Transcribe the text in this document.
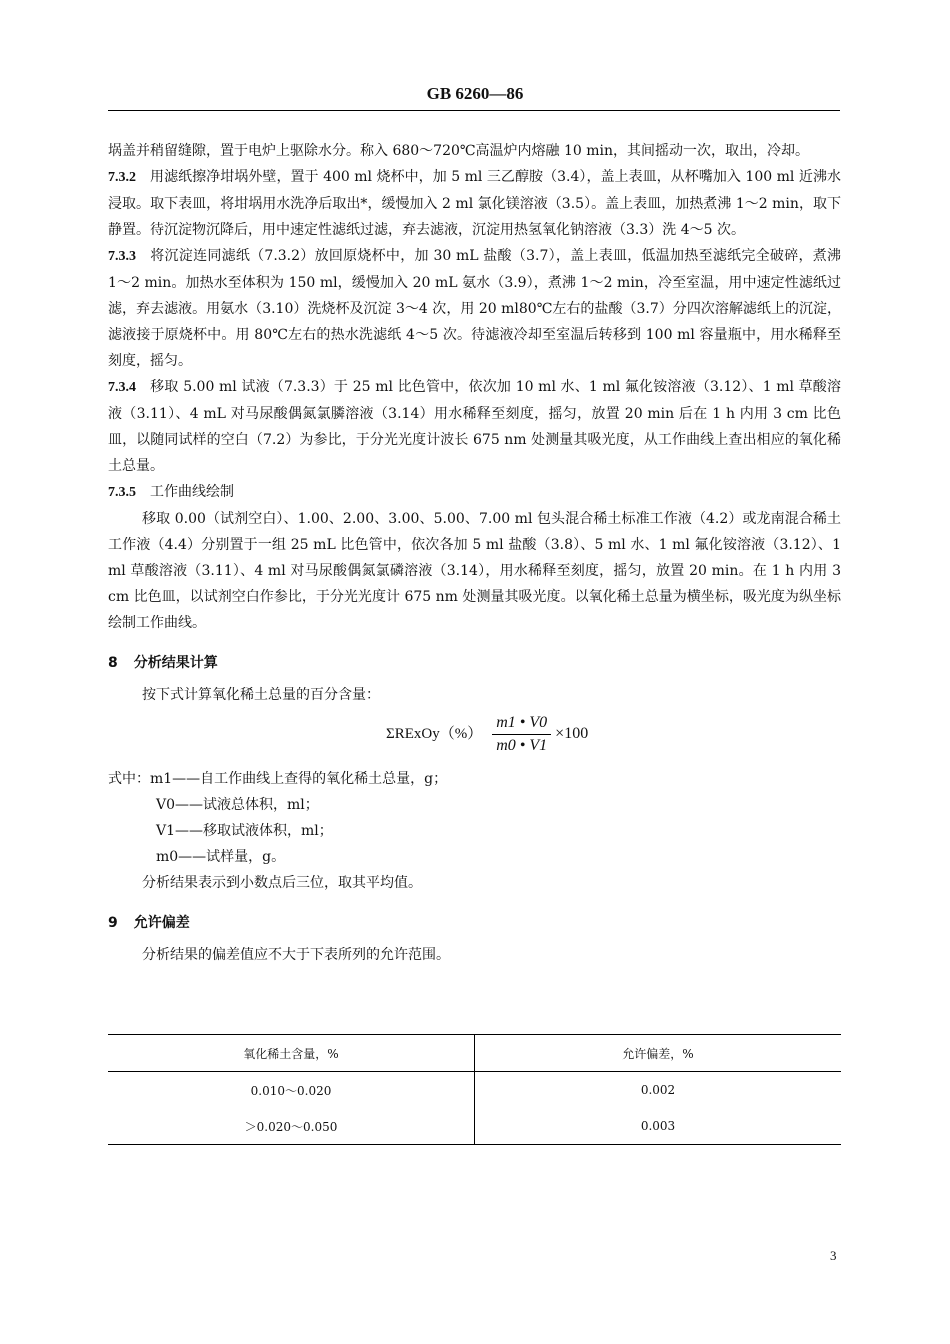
GB 6260—86

埚盖并稍留缝隙，置于电炉上驱除水分。称入 680～720℃高温炉内熔融 10 min，其间摇动一次，取出，冷却。

7.3.2 用滤纸擦净坩埚外壁，置于 400 ml 烧杯中，加 5 ml 三乙醇胺（3.4），盖上表皿，从杯嘴加入 100 ml 近沸水浸取。取下表皿，将坩埚用水洗净后取出*，缓慢加入 2 ml 氯化镁溶液（3.5）。盖上表皿，加热煮沸 1～2 min，取下静置。待沉淀物沉降后，用中速定性滤纸过滤，弃去滤液，沉淀用热氢氧化钠溶液（3.3）洗 4～5 次。

7.3.3 将沉淀连同滤纸（7.3.2）放回原烧杯中，加 30 mL 盐酸（3.7），盖上表皿，低温加热至滤纸完全破碎，煮沸 1～2 min。加热水至体积为 150 ml，缓慢加入 20 mL 氨水（3.9），煮沸 1～2 min，冷至室温，用中速定性滤纸过滤，弃去滤液。用氨水（3.10）洗烧杯及沉淀 3～4 次，用 20 ml80℃左右的盐酸（3.7）分四次溶解滤纸上的沉淀，滤液接于原烧杯中。用 80℃左右的热水洗滤纸 4～5 次。待滤液冷却至室温后转移到 100 ml 容量瓶中，用水稀释至刻度，摇匀。

7.3.4 移取 5.00 ml 试液（7.3.3）于 25 ml 比色管中，依次加 10 ml 水、1 ml 氟化铵溶液（3.12）、1 ml 草酸溶液（3.11）、4 mL 对马尿酸偶氮氯膦溶液（3.14）用水稀释至刻度，摇匀，放置 20 min 后在 1 h 内用 3 cm 比色皿，以随同试样的空白（7.2）为参比，于分光光度计波长 675 nm 处测量其吸光度，从工作曲线上查出相应的氧化稀土总量。

7.3.5 工作曲线绘制

移取 0.00（试剂空白）、1.00、2.00、3.00、5.00、7.00 ml 包头混合稀土标准工作液（4.2）或龙南混合稀土工作液（4.4）分别置于一组 25 mL 比色管中，依次各加 5 ml 盐酸（3.8）、5 ml 水、1 ml 氟化铵溶液（3.12）、1 ml 草酸溶液（3.11）、4 ml 对马尿酸偶氮氯磷溶液（3.14），用水稀释至刻度，摇匀，放置 20 min。在 1 h 内用 3 cm 比色皿，以试剂空白作参比，于分光光度计 675 nm 处测量其吸光度。以氧化稀土总量为横坐标，吸光度为纵坐标绘制工作曲线。

8 分析结果计算

按下式计算氧化稀土总量的百分含量：

ΣRExOy（%） $\frac{m1 • V0}{m0 • V1} \times 100$

式中：m1——自工作曲线上查得的氧化稀土总量，g；

V0——试液总体积，ml；

V1——移取试液体积，ml；

m0——试样量，g。

分析结果表示到小数点后三位，取其平均值。

9 允许偏差

分析结果的偏差值应不大于下表所列的允许范围。

氧化稀土含量，%	允许偏差，%
0.010～0.020	0.002
＞0.020～0.050	0.003
3
